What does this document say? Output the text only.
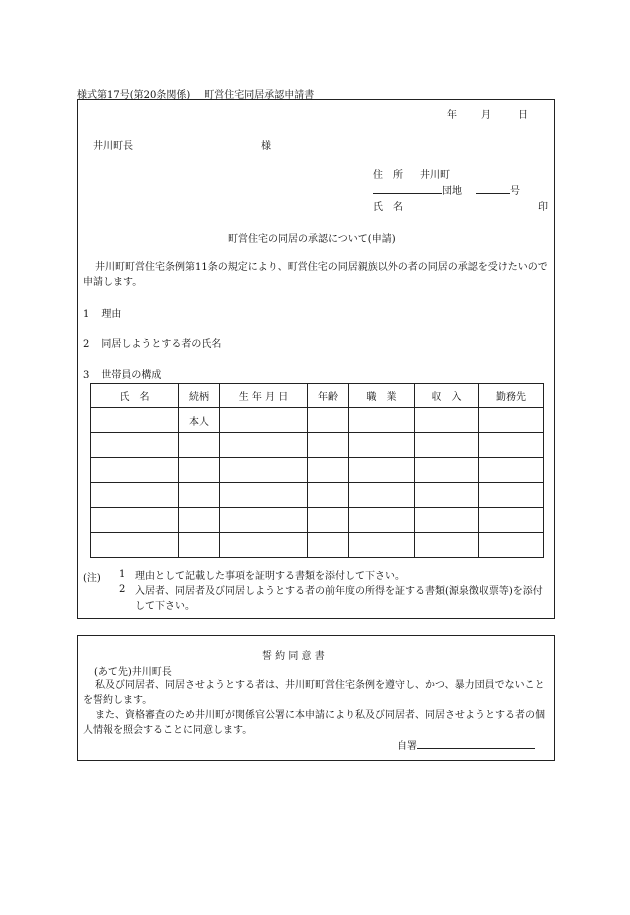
様式第17号(第20条関係) 町営住宅同居承認申請書
年 月	日
井川町長	様
住　所 井川町
団地	号
氏　名	印
町営住宅の同居の承認について(申請)
井川町町営住宅条例第11条の規定により、町営住宅の同居親族以外の者の同居の承認を受けたいので申請します。
1 理由
2 同居しようとする者の氏名
3 世帯員の構成
氏　名	続柄	生 年 月 日	年齢	職　業	収　入	勤務先
	本人					

(注) 1 理由として記載した事項を証明する書類を添付して下さい。
2 入居者、同居者及び同居しようとする者の前年度の所得を証する書類(源泉徴収票等)を添付して下さい。
誓 約 同 意 書
(あて先)井川町長
私及び同居者、同居させようとする者は、井川町町営住宅条例を遵守し、かつ、暴力団員でないことを誓約します。
また、資格審査のため井川町が関係官公署に本申請により私及び同居者、同居させようとする者の個人情報を照会することに同意します。
自署
